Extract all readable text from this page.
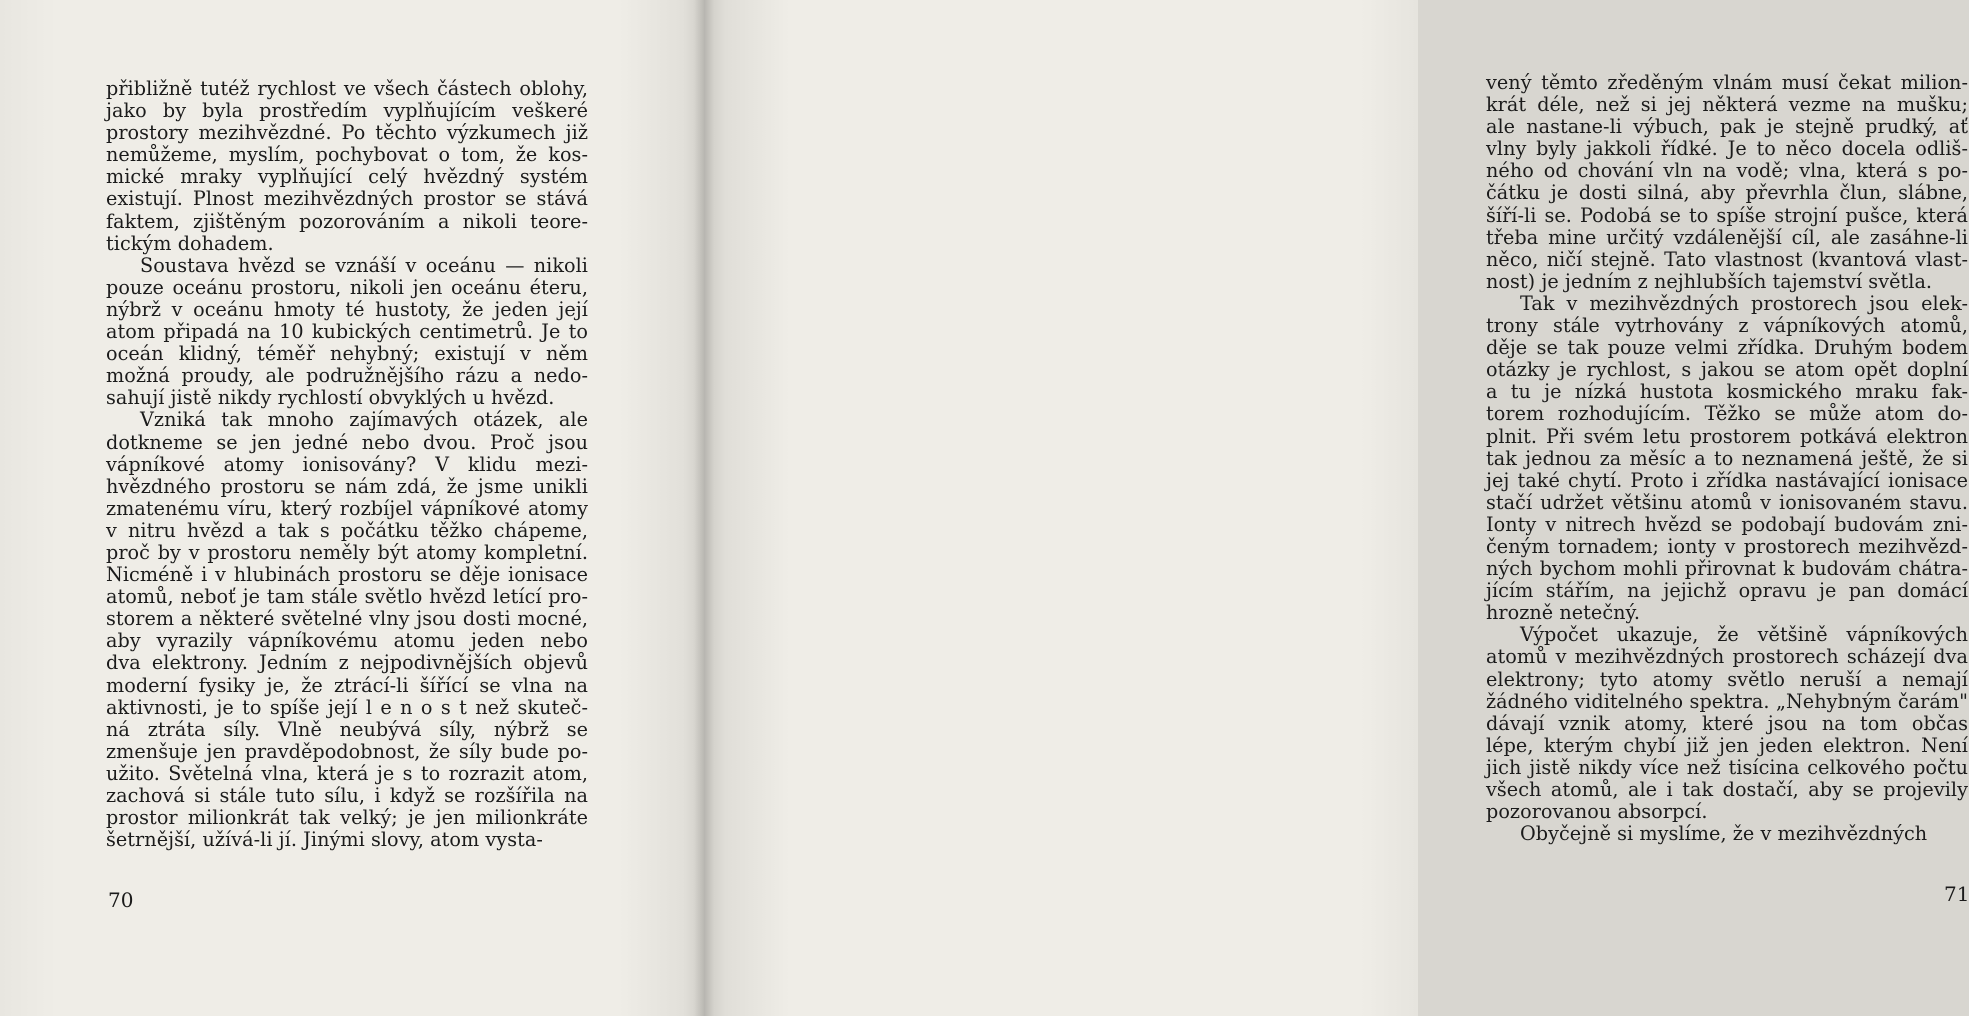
přibližně tutéž rychlost ve všech částech oblohy,
jako by byla prostředím vyplňujícím veškeré
prostory mezihvězdné. Po těchto výzkumech již
nemůžeme, myslím, pochybovat o tom, že kos-
mické mraky vyplňující celý hvězdný systém
existují. Plnost mezihvězdných prostor se stává
faktem, zjištěným pozorováním a nikoli teore-
tickým dohadem.
Soustava hvězd se vznáší v oceánu — nikoli
pouze oceánu prostoru, nikoli jen oceánu éteru,
nýbrž v oceánu hmoty té hustoty, že jeden její
atom připadá na 10 kubických centimetrů. Je to
oceán klidný, téměř nehybný; existují v něm
možná proudy, ale podružnějšího rázu a nedo-
sahují jistě nikdy rychlostí obvyklých u hvězd.
Vzniká tak mnoho zajímavých otázek, ale
dotkneme se jen jedné nebo dvou. Proč jsou
vápníkové atomy ionisovány? V klidu mezi-
hvězdného prostoru se nám zdá, že jsme unikli
zmatenému víru, který rozbíjel vápníkové atomy
v nitru hvězd a tak s počátku těžko chápeme,
proč by v prostoru neměly být atomy kompletní.
Nicméně i v hlubinách prostoru se děje ionisace
atomů, neboť je tam stále světlo hvězd letící pro-
storem a některé světelné vlny jsou dosti mocné,
aby vyrazily vápníkovému atomu jeden nebo
dva elektrony. Jedním z nejpodivnějších objevů
moderní fysiky je, že ztrácí-li šířící se vlna na
aktivnosti, je to spíše její l e n o s t než skuteč-
ná ztráta síly. Vlně neubývá síly, nýbrž se
zmenšuje jen pravděpodobnost, že síly bude po-
užito. Světelná vlna, která je s to rozrazit atom,
zachová si stále tuto sílu, i když se rozšířila na
prostor milionkrát tak velký; je jen milionkráte
šetrnější, užívá-li jí. Jinými slovy, atom vysta-
70
vený těmto zředěným vlnám musí čekat milion-
krát déle, než si jej některá vezme na mušku;
ale nastane-li výbuch, pak je stejně prudký, ať
vlny byly jakkoli řídké. Je to něco docela odliš-
ného od chování vln na vodě; vlna, která s po-
čátku je dosti silná, aby převrhla člun, slábne,
šíří-li se. Podobá se to spíše strojní pušce, která
třeba mine určitý vzdálenější cíl, ale zasáhne-li
něco, ničí stejně. Tato vlastnost (kvantová vlast-
nost) je jedním z nejhlubších tajemství světla.
Tak v mezihvězdných prostorech jsou elek-
trony stále vytrhovány z vápníkových atomů,
děje se tak pouze velmi zřídka. Druhým bodem
otázky je rychlost, s jakou se atom opět doplní
a tu je nízká hustota kosmického mraku fak-
torem rozhodujícím. Těžko se může atom do-
plnit. Při svém letu prostorem potkává elektron
tak jednou za měsíc a to neznamená ještě, že si
jej také chytí. Proto i zřídka nastávající ionisace
stačí udržet většinu atomů v ionisovaném stavu.
Ionty v nitrech hvězd se podobají budovám zni-
čeným tornadem; ionty v prostorech mezihvězd-
ných bychom mohli přirovnat k budovám chátra-
jícím stářím, na jejichž opravu je pan domácí
hrozně netečný.
Výpočet ukazuje, že většině vápníkových
atomů v mezihvězdných prostorech scházejí dva
elektrony; tyto atomy světlo neruší a nemají
žádného viditelného spektra. „Nehybným čarám"
dávají vznik atomy, které jsou na tom občas
lépe, kterým chybí již jen jeden elektron. Není
jich jistě nikdy více než tisícina celkového počtu
všech atomů, ale i tak dostačí, aby se projevily
pozorovanou absorpcí.
Obyčejně si myslíme, že v mezihvězdných
71
